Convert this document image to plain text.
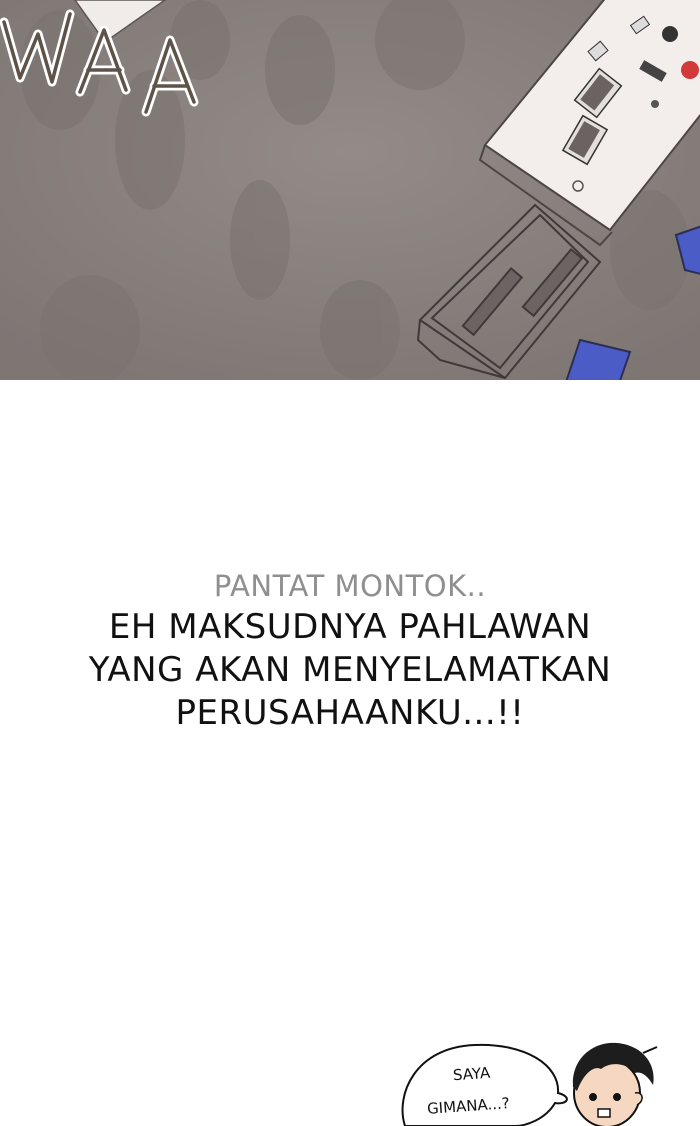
PANTAT MONTOK..
EH MAKSUDNYA PAHLAWAN
YANG AKAN MENYELAMATKAN
PERUSAHAANKU...!!
SAYA
GIMANA...?
